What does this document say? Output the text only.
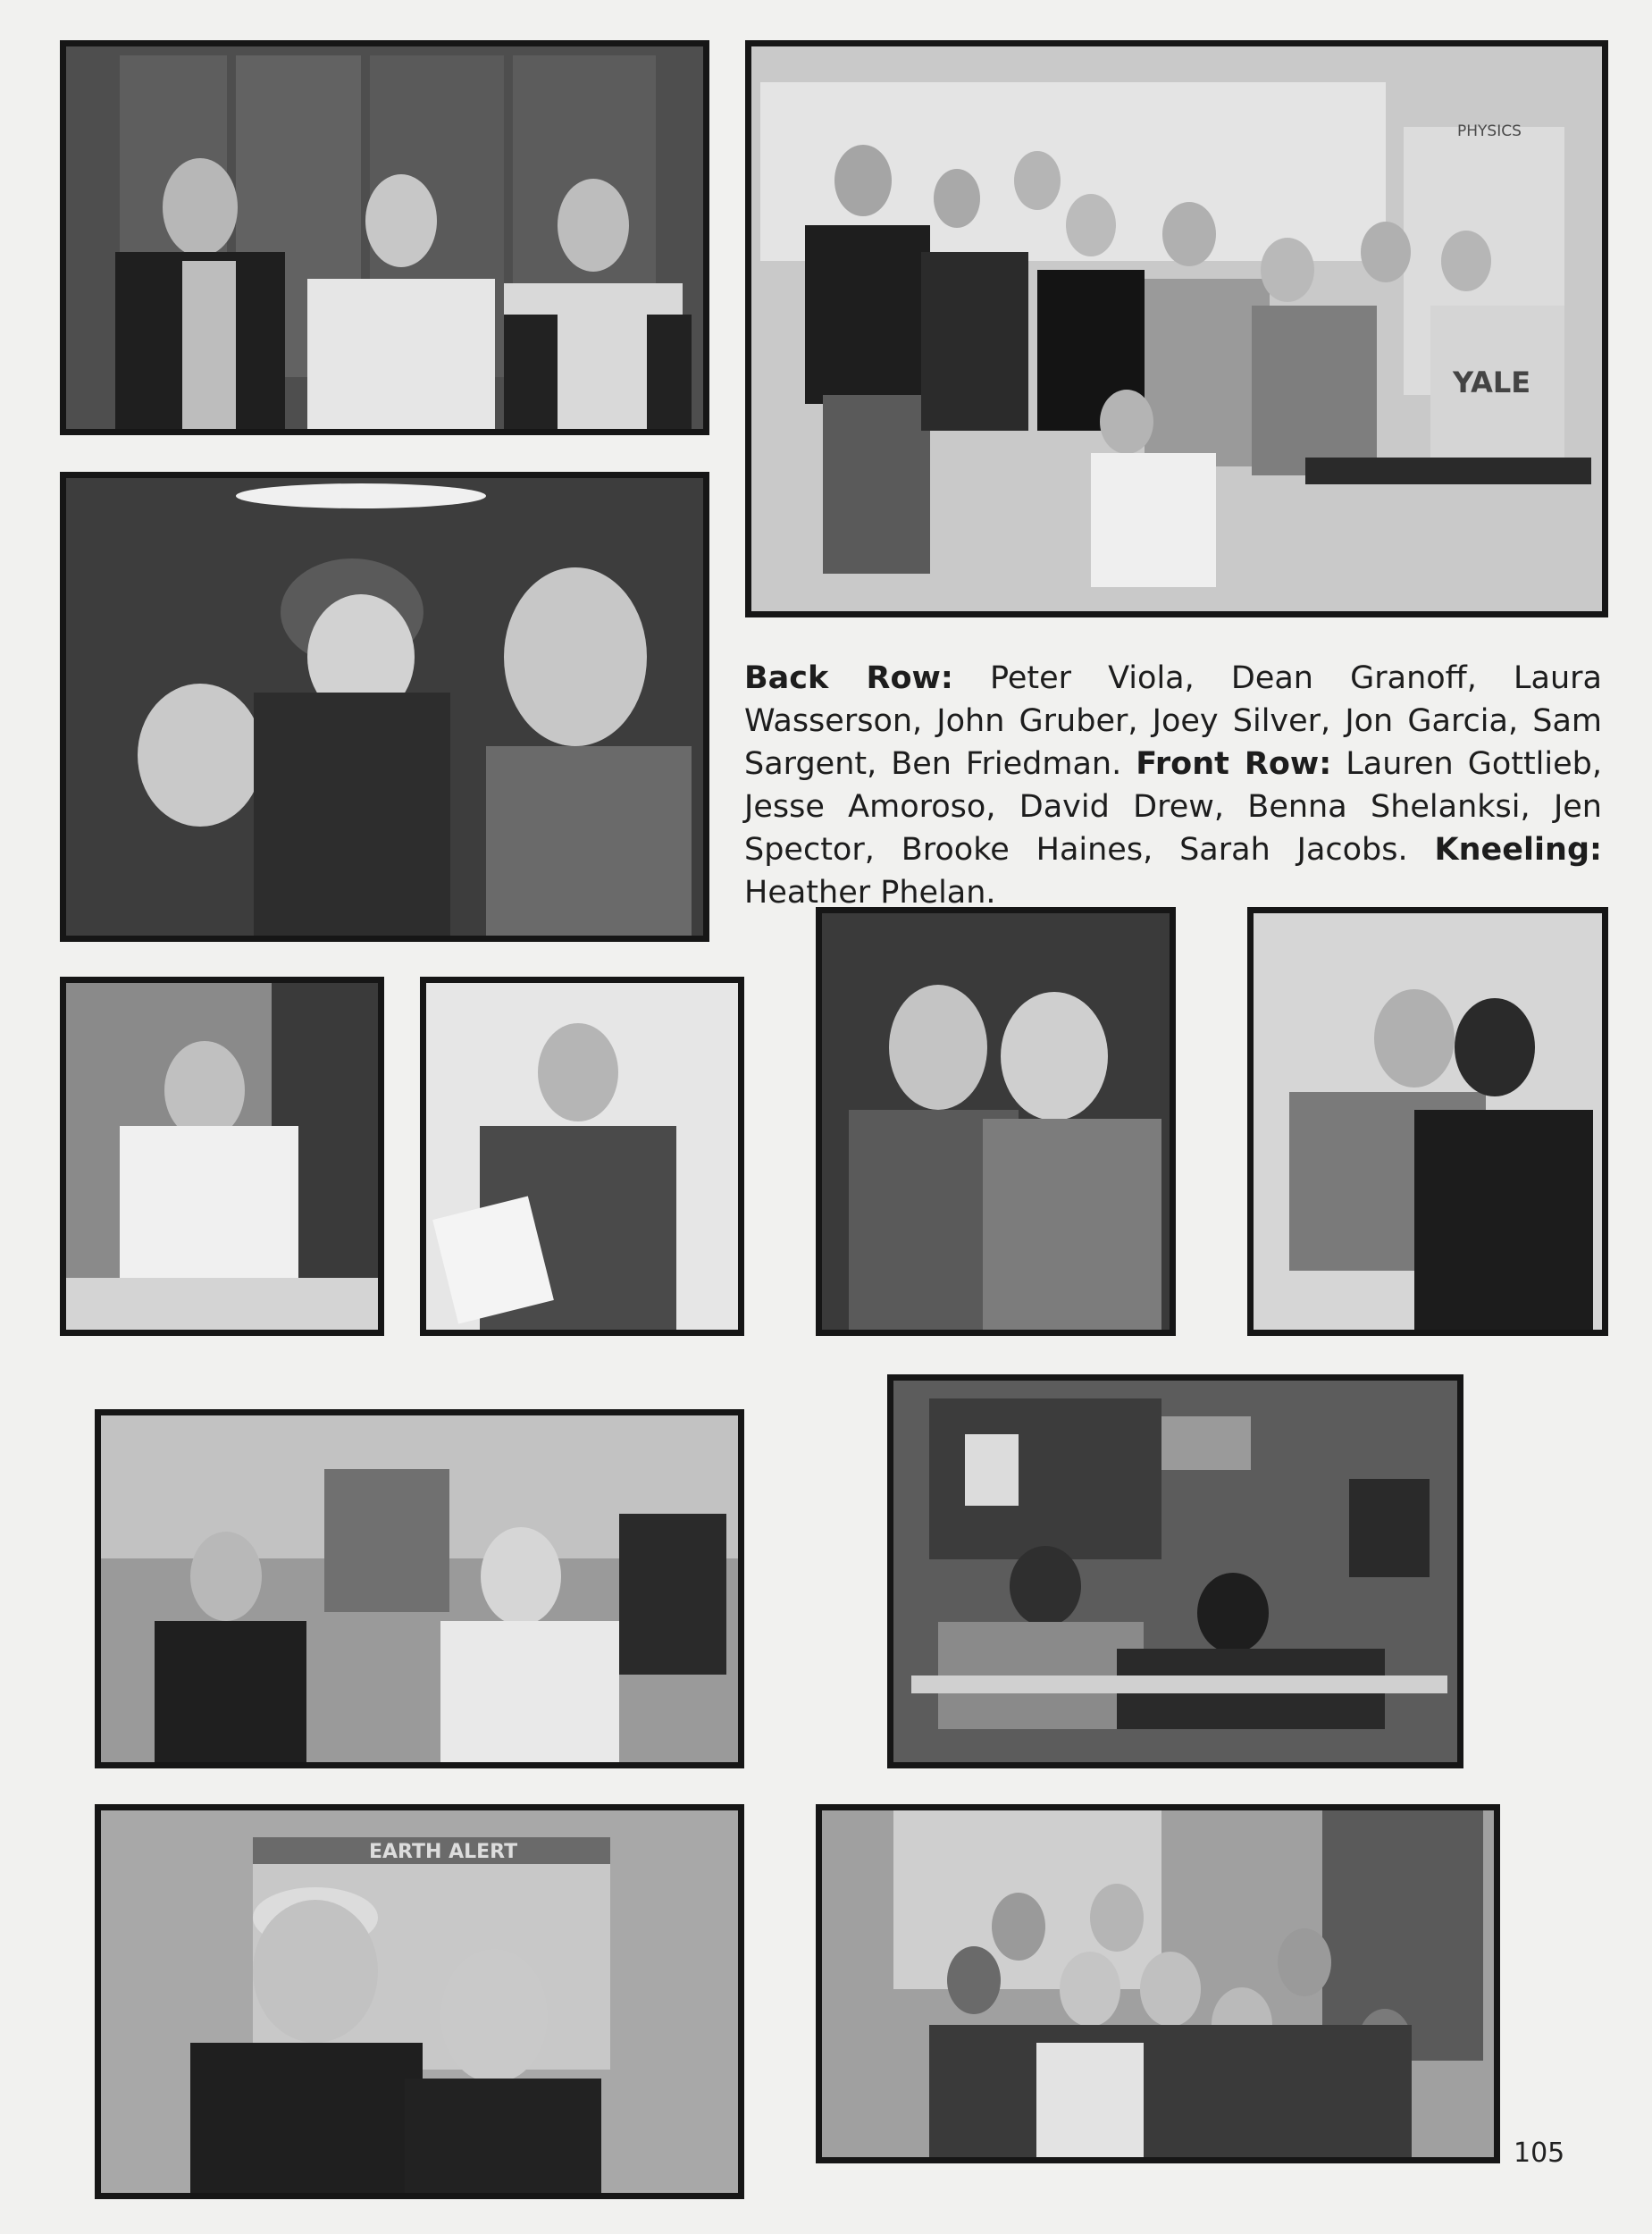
PHYSICS
YALE
EARTH ALERT
Back Row: Peter Viola, Dean Granoff, Laura Wasserson, John Gruber, Joey Silver, Jon Garcia, Sam Sargent, Ben Friedman. Front Row: Lauren Gottlieb, Jesse Amoroso, David Drew, Benna Shelanksi, Jen Spector, Brooke Haines, Sarah Jacobs. Kneeling: Heather Phelan.
105
